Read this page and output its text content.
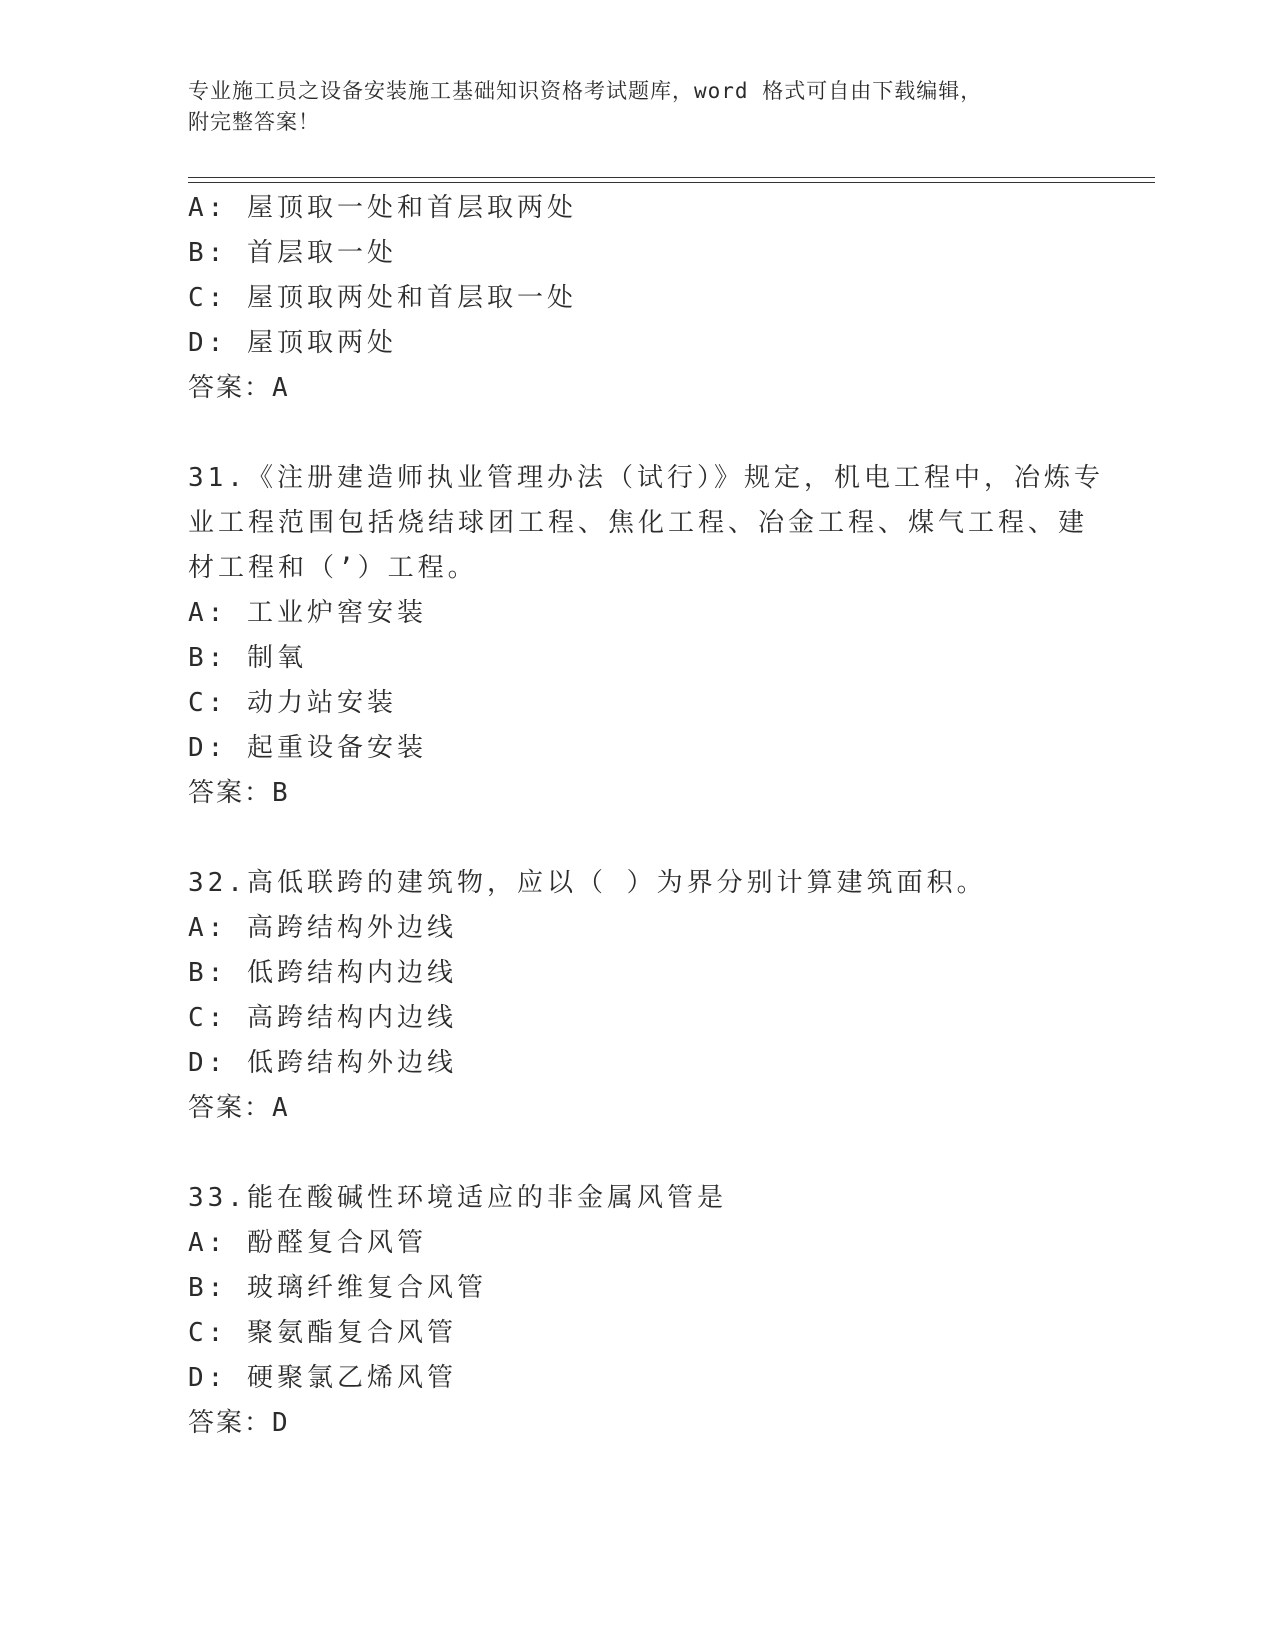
专业施工员之设备安装施工基础知识资格考试题库，word 格式可自由下载编辑，
附完整答案！
A: 屋顶取一处和首层取两处
B: 首层取一处
C: 屋顶取两处和首层取一处
D: 屋顶取两处
答案：A
31.《注册建造师执业管理办法（试行）》规定，机电工程中，冶炼专
业工程范围包括烧结球团工程、焦化工程、冶金工程、煤气工程、建
材工程和（’）工程。
A: 工业炉窖安装
B: 制氧
C: 动力站安装
D: 起重设备安装
答案：B
32.高低联跨的建筑物，应以（ ）为界分别计算建筑面积。
A: 高跨结构外边线
B: 低跨结构内边线
C: 高跨结构内边线
D: 低跨结构外边线
答案：A
33.能在酸碱性环境适应的非金属风管是
A: 酚醛复合风管
B: 玻璃纤维复合风管
C: 聚氨酯复合风管
D: 硬聚氯乙烯风管
答案：D
